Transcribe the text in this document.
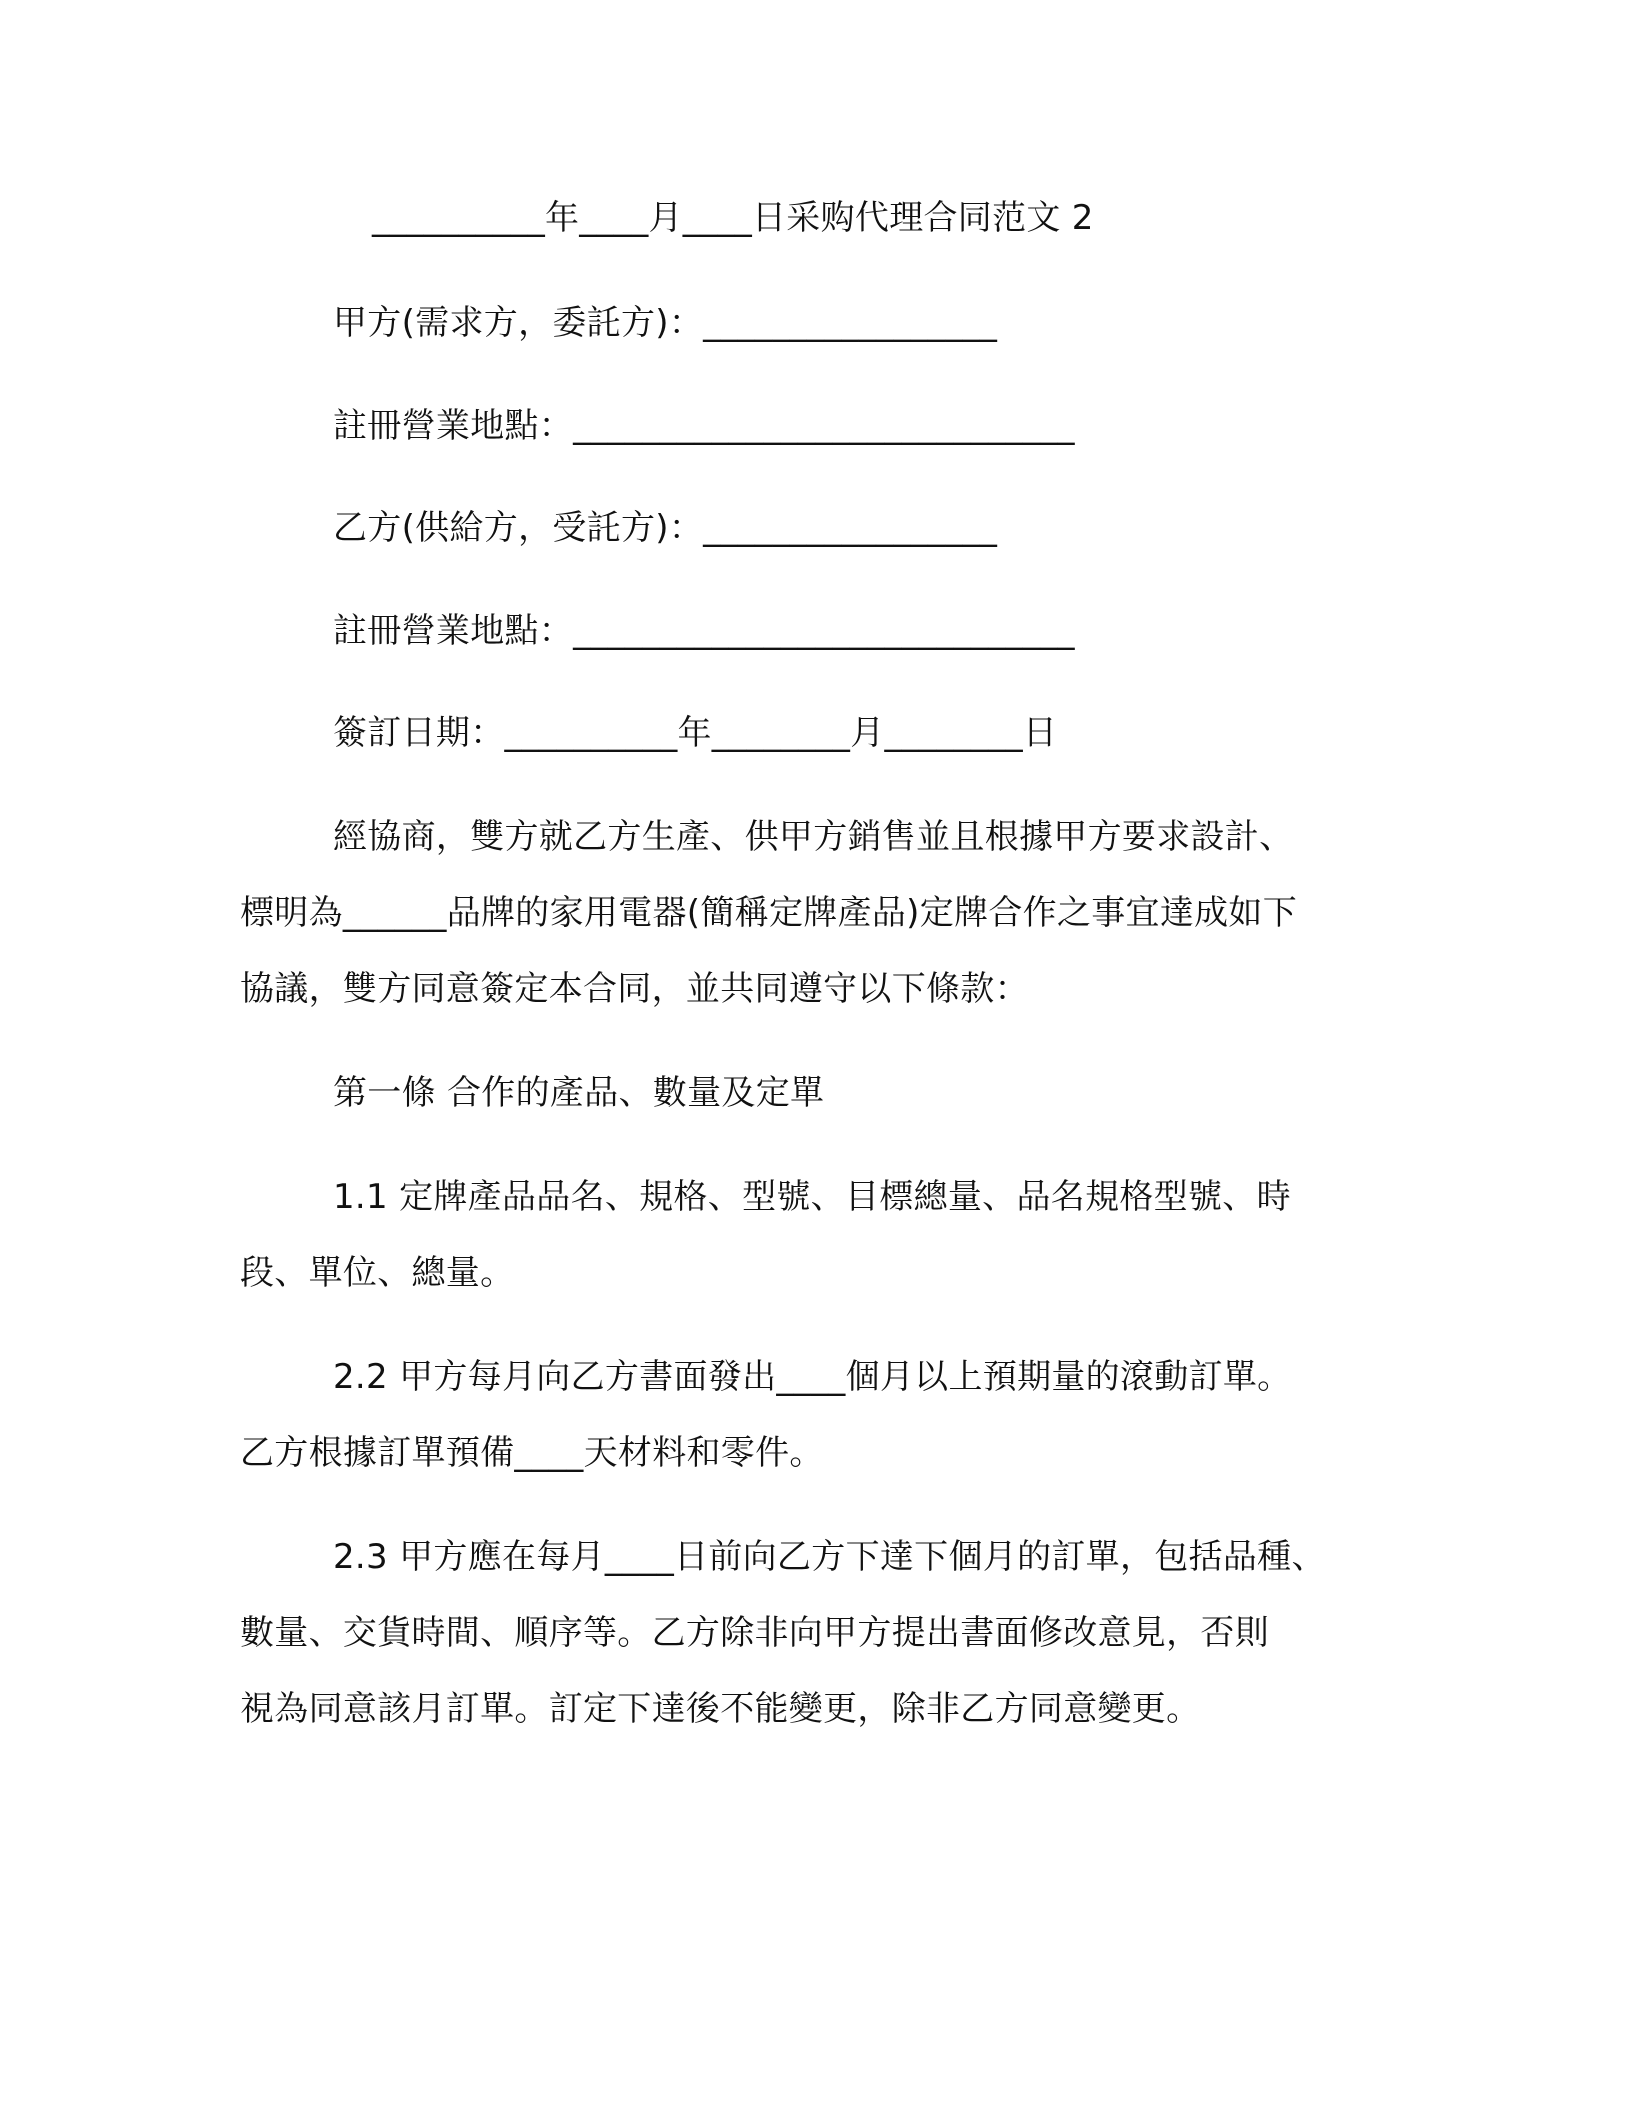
__________年____月____日采购代理合同范文 2
甲方(需求方，委託方)：_________________
註冊營業地點：_____________________________
乙方(供給方，受託方)：_________________
註冊營業地點：_____________________________
簽訂日期：__________年________月________日
經協商，雙方就乙方生產、供甲方銷售並且根據甲方要求設計、
標明為______品牌的家用電器(簡稱定牌產品)定牌合作之事宜達成如下
協議，雙方同意簽定本合同，並共同遵守以下條款：
第一條 合作的產品、數量及定單
1.1 定牌產品品名、規格、型號、目標總量、品名規格型號、時
段、單位、總量。
2.2 甲方每月向乙方書面發出____個月以上預期量的滾動訂單。
乙方根據訂單預備____天材料和零件。
2.3 甲方應在每月____日前向乙方下達下個月的訂單，包括品種、
數量、交貨時間、順序等。乙方除非向甲方提出書面修改意見，否則
視為同意該月訂單。訂定下達後不能變更，除非乙方同意變更。
